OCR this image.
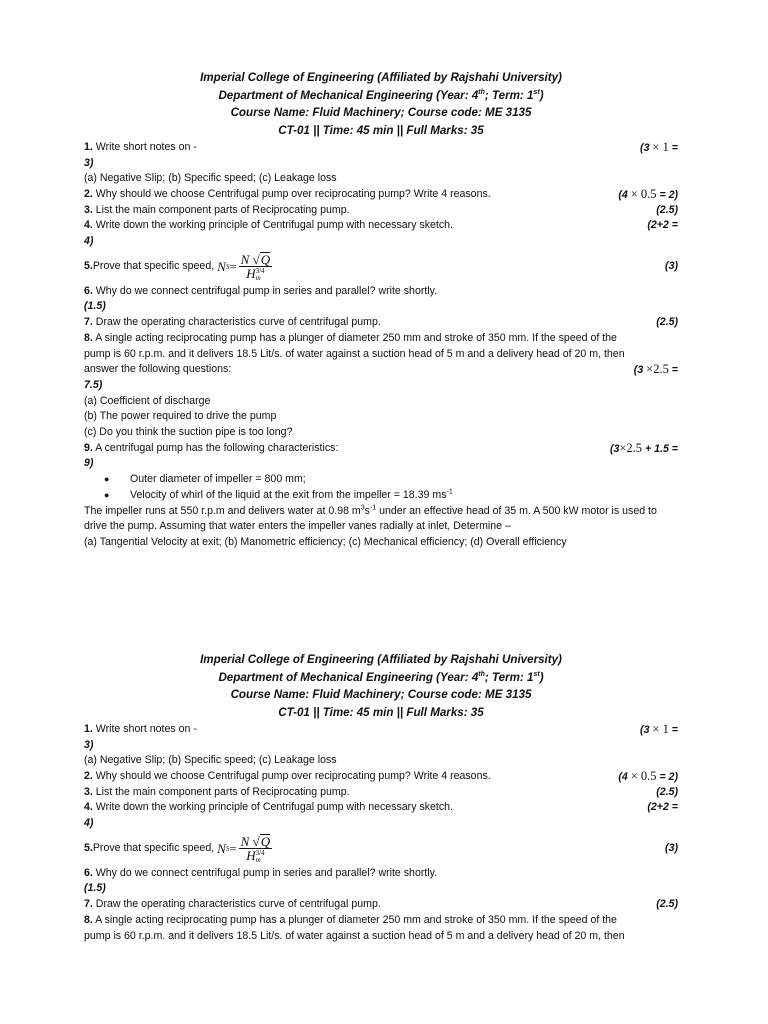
Imperial College of Engineering (Affiliated by Rajshahi University)
Department of Mechanical Engineering (Year: 4th; Term: 1st)
Course Name: Fluid Machinery; Course code: ME 3135
CT-01 || Time: 45 min || Full Marks: 35
1. Write short notes on -	(3 × 1 =
3)
(a) Negative Slip; (b) Specific speed; (c) Leakage loss
2. Why should we choose Centrifugal pump over reciprocating pump? Write 4 reasons.	(4 × 0.5 = 2)
3. List the main component parts of Reciprocating pump.	(2.5)
4. Write down the working principle of Centrifugal pump with necessary sketch.	(2+2 =
4)
5. Prove that specific speed, N S = N √Q
H 3/4
m	(3)
6. Why do we connect centrifugal pump in series and parallel? write shortly.
(1.5)
7. Draw the operating characteristics curve of centrifugal pump.	(2.5)
8. A single acting reciprocating pump has a plunger of diameter 250 mm and stroke of 350 mm. If the speed of the
pump is 60 r.p.m. and it delivers 18.5 Lit/s. of water against a suction head of 5 m and a delivery head of 20 m, then
answer the following questions:	(3 ×2.5 =
7.5)
(a) Coefficient of discharge
(b) The power required to drive the pump
(c) Do you think the suction pipe is too long?
9. A centrifugal pump has the following characteristics:	(3×2.5 + 1.5 =
9)
● Outer diameter of impeller = 800 mm;
● Velocity of whirl of the liquid at the exit from the impeller = 18.39 $ms^{-1}$
The impeller runs at 550 r.p.m and delivers water at 0.98 $m^3s^{-1}$ under an effective head of 35 m. A 500 kW motor is used to drive the pump. Assuming that water enters the impeller vanes radially at inlet, Determine –
(a) Tangential Velocity at exit; (b) Manometric efficiency; (c) Mechanical efficiency; (d) Overall efficiency
Imperial College of Engineering (Affiliated by Rajshahi University)
Department of Mechanical Engineering (Year: 4th; Term: 1st)
Course Name: Fluid Machinery; Course code: ME 3135
CT-01 || Time: 45 min || Full Marks: 35
1. Write short notes on -	(3 × 1 =
3)
(a) Negative Slip; (b) Specific speed; (c) Leakage loss
2. Why should we choose Centrifugal pump over reciprocating pump? Write 4 reasons.	(4 × 0.5 = 2)
3. List the main component parts of Reciprocating pump.	(2.5)
4. Write down the working principle of Centrifugal pump with necessary sketch.	(2+2 =
4)
5. Prove that specific speed, N S = N √Q
H 3/4
m	(3)
6. Why do we connect centrifugal pump in series and parallel? write shortly.
(1.5)
7. Draw the operating characteristics curve of centrifugal pump.	(2.5)
8. A single acting reciprocating pump has a plunger of diameter 250 mm and stroke of 350 mm. If the speed of the
pump is 60 r.p.m. and it delivers 18.5 Lit/s. of water against a suction head of 5 m and a delivery head of 20 m, then
